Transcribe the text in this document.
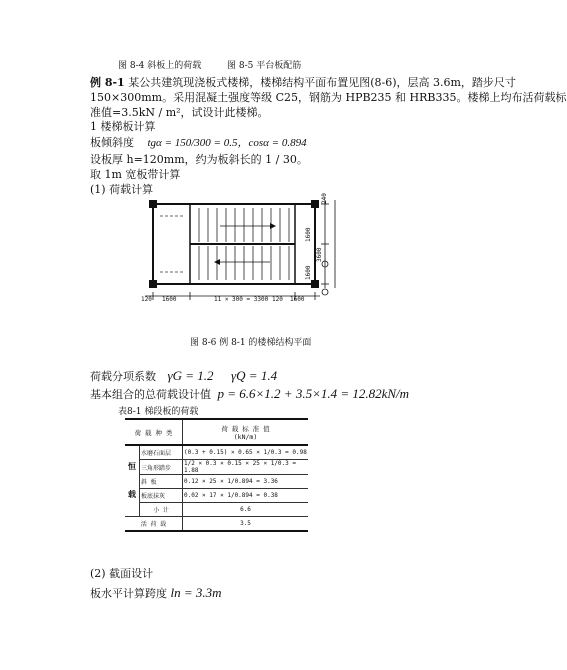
图 8-4 斜板上的荷载	图 8-5 平台板配筋
例 8-1 某公共建筑现浇板式楼梯，楼梯结构平面布置见图(8-6)，层高 3.6m，踏步尺寸
150×300mm。采用混凝土强度等级 C25，钢筋为 HPB235 和 HRB335。楼梯上均布活荷载标
准值=3.5kN / m²，试设计此楼梯。
1 楼梯板计算
板倾斜度 tgα = 150/300 = 0.5，cosα = 0.894
设板厚 h=120mm，约为板斜长的 1 / 30。
取 1m 宽板带计算
(1) 荷载计算
120 1600	11 × 300 = 3300 120 1600
240
1600
1600
3600
图 8-6 例 8-1 的楼梯结构平面
荷载分项系数 γG = 1.2 γQ = 1.4
基本组合的总荷载设计值 p = 6.6×1.2 + 3.5×1.4 = 12.82kN/m
表8-1 梯段板的荷载
荷 载 种 类		荷 载 标 准 值
(kN/m)

恒
载	水磨石面层	(0.3 + 0.15) × 0.65 × 1/0.3 = 0.98
	三角形踏步	1/2 × 0.3 × 0.15 × 25 × 1/0.3 = 1.88
	斜 板	0.12 × 25 × 1/0.894 = 3.36
	板底抹灰	0.02 × 17 × 1/0.894 = 0.38
	小 计	6.6
活 荷 载		3.5
(2) 截面设计
板水平计算跨度 ln = 3.3m
